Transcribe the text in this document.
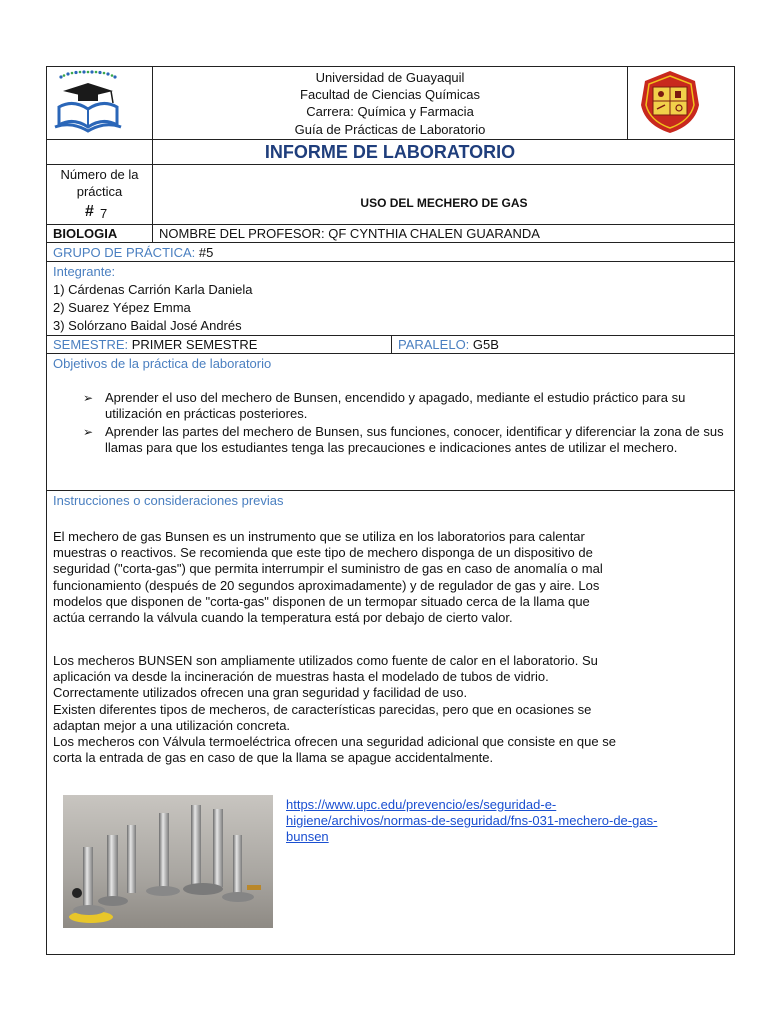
Universidad de Guayaquil
Facultad de Ciencias Químicas
Carrera: Química y Farmacia
Guía de Prácticas de Laboratorio
INFORME DE LABORATORIO
Número de la
práctica
# 7
USO DEL MECHERO DE GAS
BIOLOGIA	NOMBRE DEL PROFESOR: QF CYNTHIA CHALEN GUARANDA
GRUPO DE PRÁCTICA: #5
Integrante:
1) Cárdenas Carrión Karla Daniela
2) Suarez Yépez Emma
3) Solórzano Baidal José Andrés
SEMESTRE: PRIMER SEMESTRE	PARALELO: G5B
Objetivos de la práctica de laboratorio
➢ Aprender el uso del mechero de Bunsen, encendido y apagado, mediante el estudio práctico para su utilización en prácticas posteriores.
➢ Aprender las partes del mechero de Bunsen, sus funciones, conocer, identificar y diferenciar la zona de sus llamas para que los estudiantes tenga las precauciones e indicaciones antes de utilizar el mechero.
Instrucciones o consideraciones previas
El mechero de gas Bunsen es un instrumento que se utiliza en los laboratorios para calentar
muestras o reactivos. Se recomienda que este tipo de mechero disponga de un dispositivo de
seguridad ("corta-gas") que permita interrumpir el suministro de gas en caso de anomalía o mal
funcionamiento (después de 20 segundos aproximadamente) y de regulador de gas y aire. Los
modelos que disponen de "corta-gas" disponen de un termopar situado cerca de la llama que
actúa cerrando la válvula cuando la temperatura está por debajo de cierto valor.
Los mecheros BUNSEN son ampliamente utilizados como fuente de calor en el laboratorio. Su
aplicación va desde la incineración de muestras hasta el modelado de tubos de vidrio.
Correctamente utilizados ofrecen una gran seguridad y facilidad de uso.
Existen diferentes tipos de mecheros, de características parecidas, pero que en ocasiones se
adaptan mejor a una utilización concreta.
Los mecheros con Válvula termoeléctrica ofrecen una seguridad adicional que consiste en que se
corta la entrada de gas en caso de que la llama se apague accidentalmente.
https://www.upc.edu/prevencio/es/seguridad-e-
higiene/archivos/normas-de-seguridad/fns-031-mechero-de-gas-
bunsen
